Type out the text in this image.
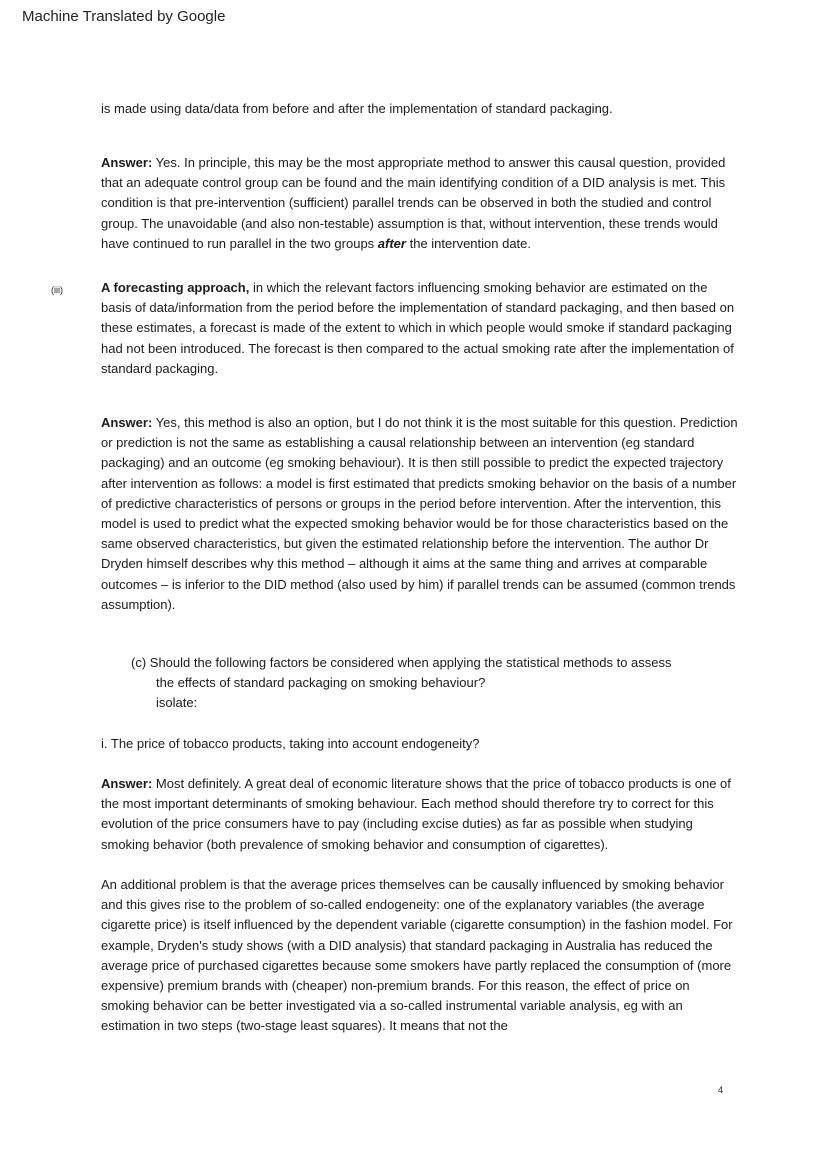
Machine Translated by Google
is made using data/data from before and after the implementation of standard packaging.
Answer: Yes. In principle, this may be the most appropriate method to answer this causal question, provided that an adequate control group can be found and the main identifying condition of a DID analysis is met. This condition is that pre-intervention (sufficient) parallel trends can be observed in both the studied and control group. The unavoidable (and also non-testable) assumption is that, without intervention, these trends would have continued to run parallel in the two groups after the intervention date.
(iii)	A forecasting approach, in which the relevant factors influencing smoking behavior are estimated on the basis of data/information from the period before the implementation of standard packaging, and then based on these estimates, a forecast is made of the extent to which in which people would smoke if standard packaging had not been introduced. The forecast is then compared to the actual smoking rate after the implementation of standard packaging.
Answer: Yes, this method is also an option, but I do not think it is the most suitable for this question. Prediction or prediction is not the same as establishing a causal relationship between an intervention (eg standard packaging) and an outcome (eg smoking behaviour). It is then still possible to predict the expected trajectory after intervention as follows: a model is first estimated that predicts smoking behavior on the basis of a number of predictive characteristics of persons or groups in the period before intervention. After the intervention, this model is used to predict what the expected smoking behavior would be for those characteristics based on the same observed characteristics, but given the estimated relationship before the intervention. The author Dr Dryden himself describes why this method – although it aims at the same thing and arrives at comparable outcomes – is inferior to the DID method (also used by him) if parallel trends can be assumed (common trends assumption).
(c) Should the following factors be considered when applying the statistical methods to assess
the effects of standard packaging on smoking behaviour?
isolate:
i. The price of tobacco products, taking into account endogeneity?
Answer: Most definitely. A great deal of economic literature shows that the price of tobacco products is one of the most important determinants of smoking behaviour. Each method should therefore try to correct for this evolution of the price consumers have to pay (including excise duties) as far as possible when studying smoking behavior (both prevalence of smoking behavior and consumption of cigarettes).
An additional problem is that the average prices themselves can be causally influenced by smoking behavior and this gives rise to the problem of so-called endogeneity: one of the explanatory variables (the average cigarette price) is itself influenced by the dependent variable (cigarette consumption) in the fashion model. For example, Dryden's study shows (with a DID analysis) that standard packaging in Australia has reduced the average price of purchased cigarettes because some smokers have partly replaced the consumption of (more expensive) premium brands with (cheaper) non-premium brands. For this reason, the effect of price on smoking behavior can be better investigated via a so-called instrumental variable analysis, eg with an estimation in two steps (two-stage least squares). It means that not the
4
